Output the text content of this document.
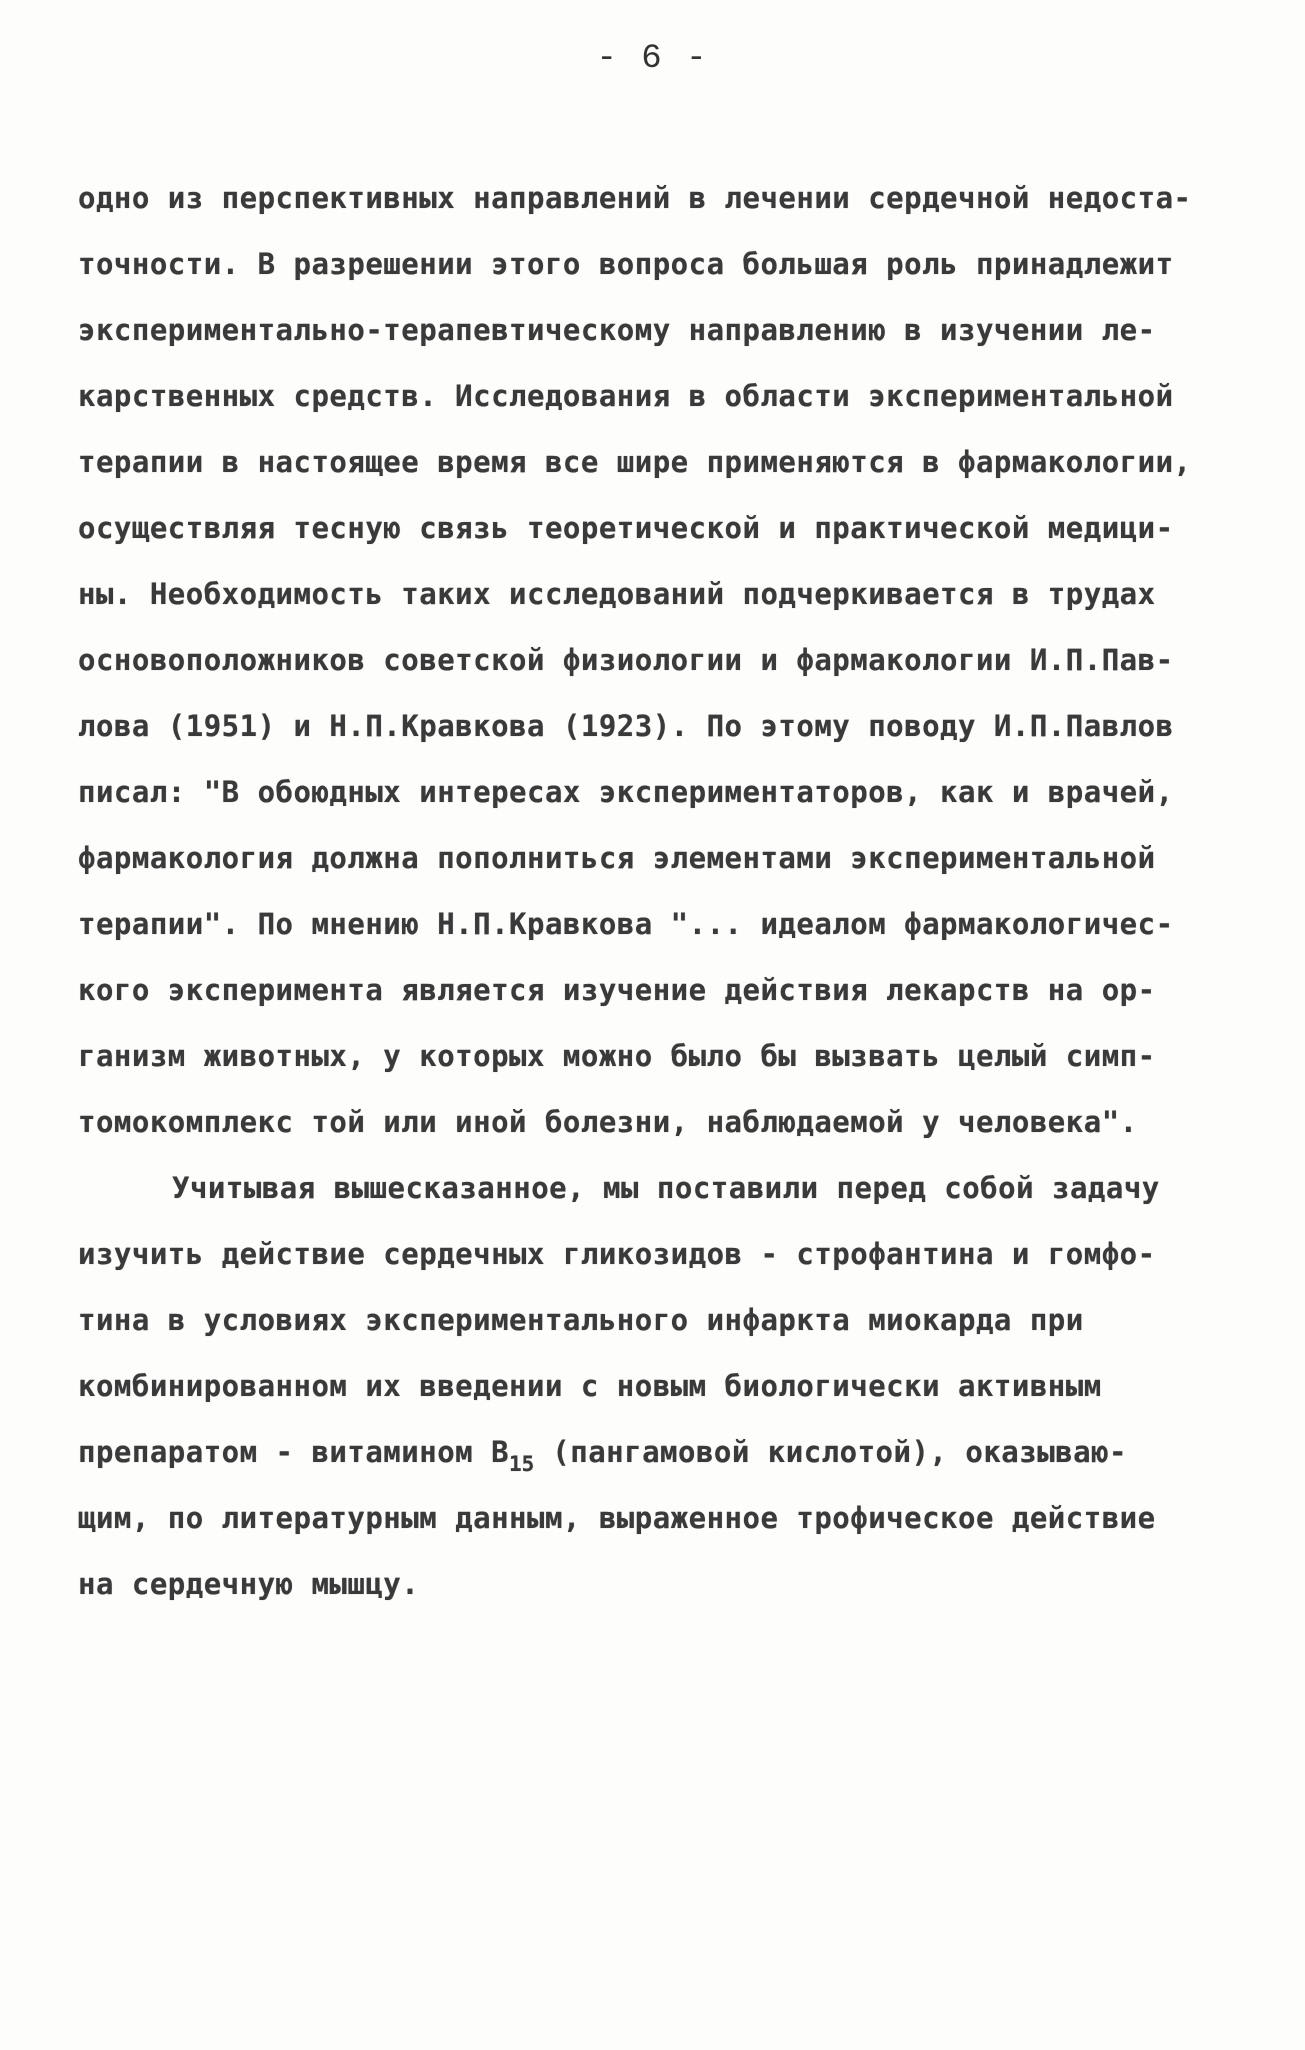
- 6 -
одно из перспективных направлений в лечении сердечной недоста-
точности. В разрешении этого вопроса большая роль принадлежит
экспериментально-терапевтическому направлению в изучении ле-
карственных средств. Исследования в области экспериментальной
терапии в настоящее время все шире применяются в фармакологии,
осуществляя тесную связь теоретической и практической медици-
ны. Необходимость таких исследований подчеркивается в трудах
основоположников советской физиологии и фармакологии И.П.Пав-
лова (1951) и Н.П.Кравкова (1923). По этому поводу И.П.Павлов
писал: "В обоюдных интересах экспериментаторов, как и врачей,
фармакология должна пополниться элементами экспериментальной
терапии". По мнению Н.П.Кравкова "... идеалом фармакологичес-
кого эксперимента является изучение действия лекарств на ор-
ганизм животных, у которых можно было бы вызвать целый симп-
томокомплекс той или иной болезни, наблюдаемой у человека".
Учитывая вышесказанное, мы поставили перед собой задачу
изучить действие сердечных гликозидов - строфантина и гомфо-
тина в условиях экспериментального инфаркта миокарда при
комбинированном их введении с новым биологически активным
препаратом - витамином $B_{15}$ (пангамовой кислотой), оказываю-
щим, по литературным данным, выраженное трофическое действие
на сердечную мышцу.
